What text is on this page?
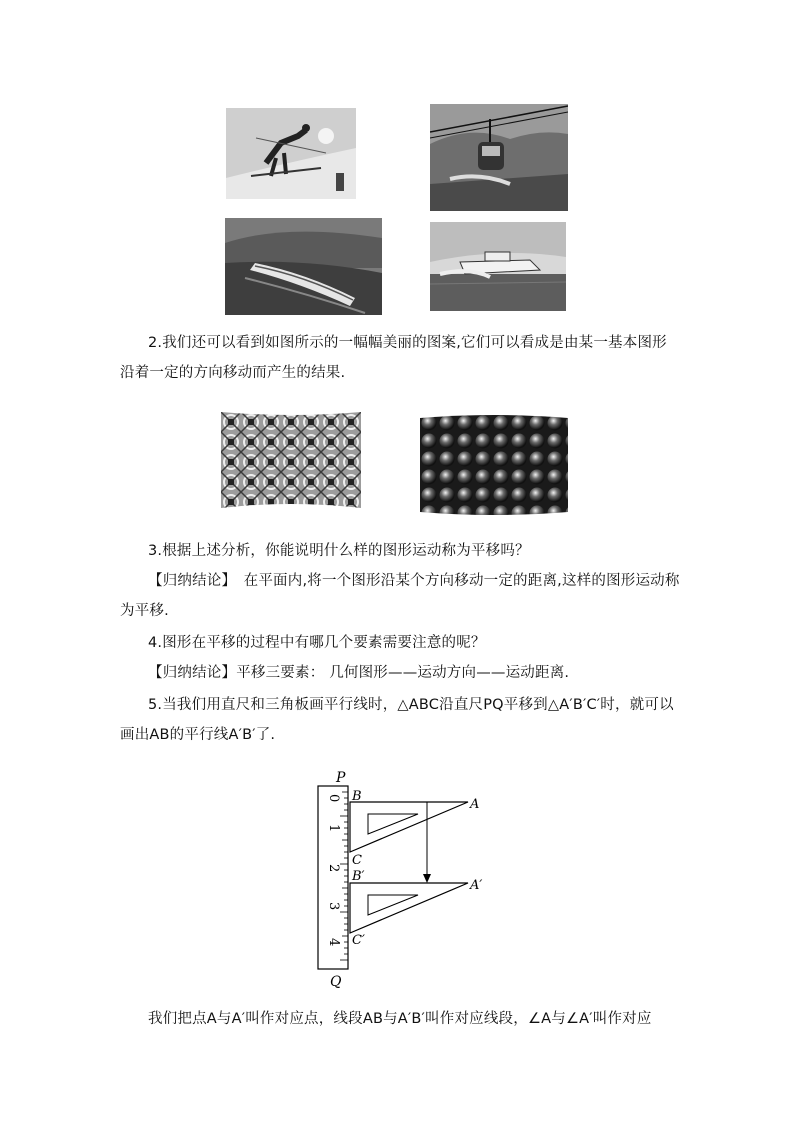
2.我们还可以看到如图所示的一幅幅美丽的图案,它们可以看成是由某一基本图形沿着一定的方向移动而产生的结果.
3.根据上述分析，你能说明什么样的图形运动称为平移吗？
【归纳结论】　在平面内,将一个图形沿某个方向移动一定的距离,这样的图形运动称为平移.
4.图形在平移的过程中有哪几个要素需要注意的呢？
【归纳结论】平移三要素： 几何图形——运动方向——运动距离.
5.当我们用直尺和三角板画平行线时，△ABC沿直尺PQ平移到△A′B′C′时，就可以画出AB的平行线A′B′了.
0
1
2
3
4
P
Q
B
A
C
B′
A′
C′
我们把点A与A′叫作对应点，线段AB与A′B′叫作对应线段，∠A与∠A′叫作对应
